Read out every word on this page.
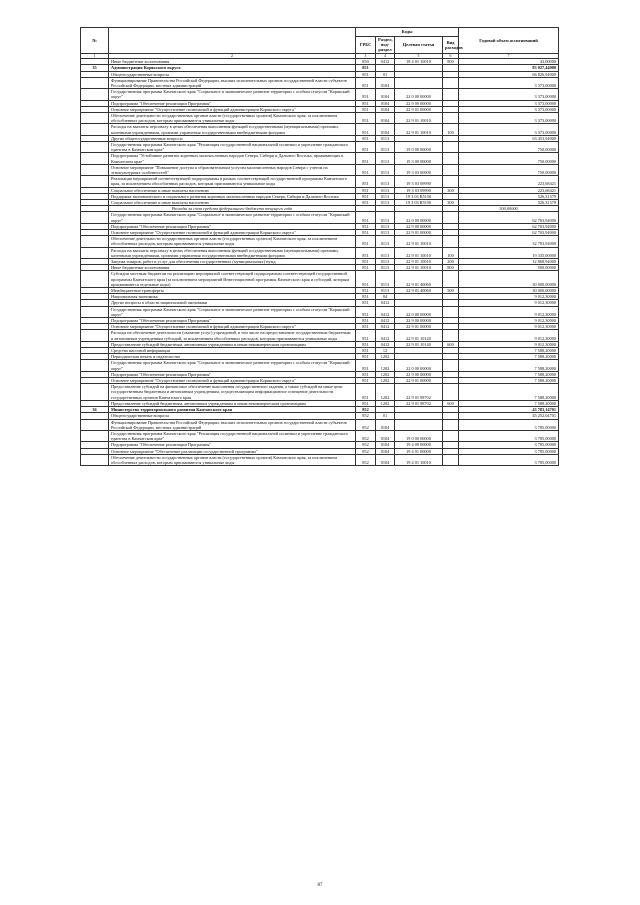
№		Коды				Годовой объем ассигнований
		ГРБС	Раздел, под-раздел	Целевая статья	Вид расходов	
1	2	3	4	5	6	7
	Иные бюджетные ассигнования	850	0412	18 4 01 10010	800	43,00000
35	Администрация Корякского округа	851				83 027,44000
	Общегосударственные вопросы	851	01			66 826,94000
	Функционирование Правительства Российской Федерации, высших исполнительных органов государственной власти субъектов Российской Федерации, местных администраций	851	0104			3 373,00000
	Государственная программа Камчатского края "Социальное и экономическое развитие территории с особым статусом "Корякский округ"	851	0104	22 0 00 00000		3 373,00000
	Подпрограмма "Обеспечение реализации Программы"	851	0104	22 9 00 00000		3 373,00000
	Основное мероприятие "Осуществление полномочий и функций администрации Корякского округа"	851	0104	22 9 01 00000		3 373,00000
	Обеспечение деятельности государственных органов власти (государственных органов) Камчатского края, за исключением обособленных расходов, которым присваиваются уникальные коды	851	0104	22 9 01 10010		3 373,00000
	Расходы на выплаты персоналу в целях обеспечения выполнения функций государственными (муниципальными) органами, казенными учреждениями, органами управления государственными внебюджетными фондами	851	0104	22 9 01 10010	100	3 373,00000
	Другие общегосударственные вопросы	851	0113			63 453,94000
	Государственная программа Камчатского края "Реализация государственной национальной политики и укрепление гражданского единства в Камчатском крае"	851	0113	19 0 00 00000		750,00000
	Подпрограмма "Устойчивое развитие коренных малочисленных народов Севера, Сибири и Дальнего Востока, проживающих в Камчатском крае"	851	0113	19 3 00 00000		750,00000
	Основное мероприятие "Повышение доступа к образовательным услугам малочисленных народов Севера с учетом их этнокультурных особенностей"	851	0113	19 3 03 00000		750,00000
	Реализация мероприятий соответствующей подпрограммы в рамках соответствующей государственной программы Камчатского края, за исключением обособленных расходов, которым присваиваются уникальные коды	851	0113	19 3 03 09990		223,68421
	Социальное обеспечение и иные выплаты населению	851	0113	19 3 03 09990	300	223,68421
	Поддержка экономического и социального развития коренных малочисленных народов Севера, Сибири и Дальнего Востока	851	0113	19 3 03 R5150		526,31579
	Социальное обеспечение и иные выплаты населению	851	0113	19 3 03 R5150	300	526,31579
	Расходы за счет средств федерального бюджета текущего года					500,00000
	Государственная программа Камчатского края "Социальное и экономическое развитие территории с особым статусом "Корякский округ"	851	0113	22 0 00 00000		62 703,94000
	Подпрограмма "Обеспечение реализации Программы"	851	0113	22 9 00 00000		62 703,94000
	Основное мероприятие "Осуществление полномочий и функций администрации Корякского округа"	851	0113	22 9 01 00000		62 703,94000
	Обеспечение деятельности государственных органов власти (государственных органов) Камчатского края, за исключением обособленных расходов, которым присваиваются уникальные коды	851	0113	22 9 01 10010		32 703,94000
	Расходы на выплаты персоналу в целях обеспечения выполнения функций государственными (муниципальными) органами, казенными учреждениями, органами управления государственными внебюджетными фондами	851	0113	22 9 01 10010	100	19 335,00000
	Закупка товаров, работ и услуг для обеспечения государственных (муниципальных) нужд	851	0113	22 9 01 10010	200	12 868,94000
	Иные бюджетные ассигнования	851	0113	22 9 01 10010	800	500,00000
	Субсидии местным бюджетам на реализацию мероприятий соответствующей подпрограммы соответствующей государственной программы Камчатского края (за исключением мероприятий Инвестиционной программы Камчатского края и субсидий, которым присваиваются отдельные коды)	851	0113	22 9 01 40060		30 000,00000
	Межбюджетные трансферты	851	0113	22 9 01 40060	500	30 000,00000
	Национальная экономика	851	04			9 012,30000
	Другие вопросы в области национальной экономики	851	0412			9 012,30000
	Государственная программа Камчатского края "Социальное и экономическое развитие территории с особым статусом "Корякский округ"	851	0412	22 0 00 00000		9 012,30000
	Подпрограмма "Обеспечение реализации Программы"	851	0412	22 9 00 00000		9 012,30000
	Основное мероприятие "Осуществление полномочий и функций администрации Корякского округа"	851	0412	22 9 01 00000		9 012,30000
	Расходы на обеспечение деятельности (оказание услуг) учреждений, в том числе на предоставление государственным бюджетным и автономным учреждениям субсидий, за исключением обособленных расходов, которым присваиваются уникальные коды	851	0412	22 9 01 10140		9 012,30000
	Предоставление субсидий бюджетным, автономным учреждениям и иным некоммерческим организациям	851	0412	22 9 01 10140	600	9 012,30000
	Средства массовой информации	851	12			7 588,20000
	Периодическая печать и издательства	851	1202			7 588,20000
	Государственная программа Камчатского края "Социальное и экономическое развитие территории с особым статусом "Корякский округ"	851	1202	22 0 00 00000		7 588,20000
	Подпрограмма "Обеспечение реализации Программы"	851	1202	22 9 00 00000		7 588,20000
	Основное мероприятие "Осуществление полномочий и функций администрации Корякского округа"	851	1202	22 9 01 00000		7 588,20000
	Предоставление субсидий на финансовое обеспечение выполнения государственного задания, а также субсидий на иные цели государственным бюджетным и автономным учреждениям, осуществляющим информационное освещение деятельности государственных органов Камчатского края	851	1202	22 9 01 98702		7 588,20000
	Предоставление субсидий бюджетным, автономным учреждениям и иным некоммерческим организациям	851	1202	22 9 01 98702	600	7 588,20000
36	Министерство территориального развития Камчатского края	852				43 783,14701
	Общегосударственные вопросы	852	01			45 252,04701
	Функционирование Правительства Российской Федерации, высших исполнительных органов государственной власти субъектов Российской Федерации, местных администраций	852	0104			3 785,00000
	Государственная программа Камчатского края "Реализация государственной национальной политики и укрепление гражданского единства в Камчатском крае"	852	0104	19 0 00 00000		3 785,00000
	Подпрограмма "Обеспечение реализации Программы"	852	0104	19 4 00 00000		3 785,00000
	Основное мероприятие "Обеспечение реализации государственной программы"	852	0104	19 4 01 00000		3 785,00000
	Обеспечение деятельности государственных органов власти (государственных органов) Камчатского края, за исключением обособленных расходов, которым присваиваются уникальные коды	852	0104	19 4 01 10010		3 785,00000
87
